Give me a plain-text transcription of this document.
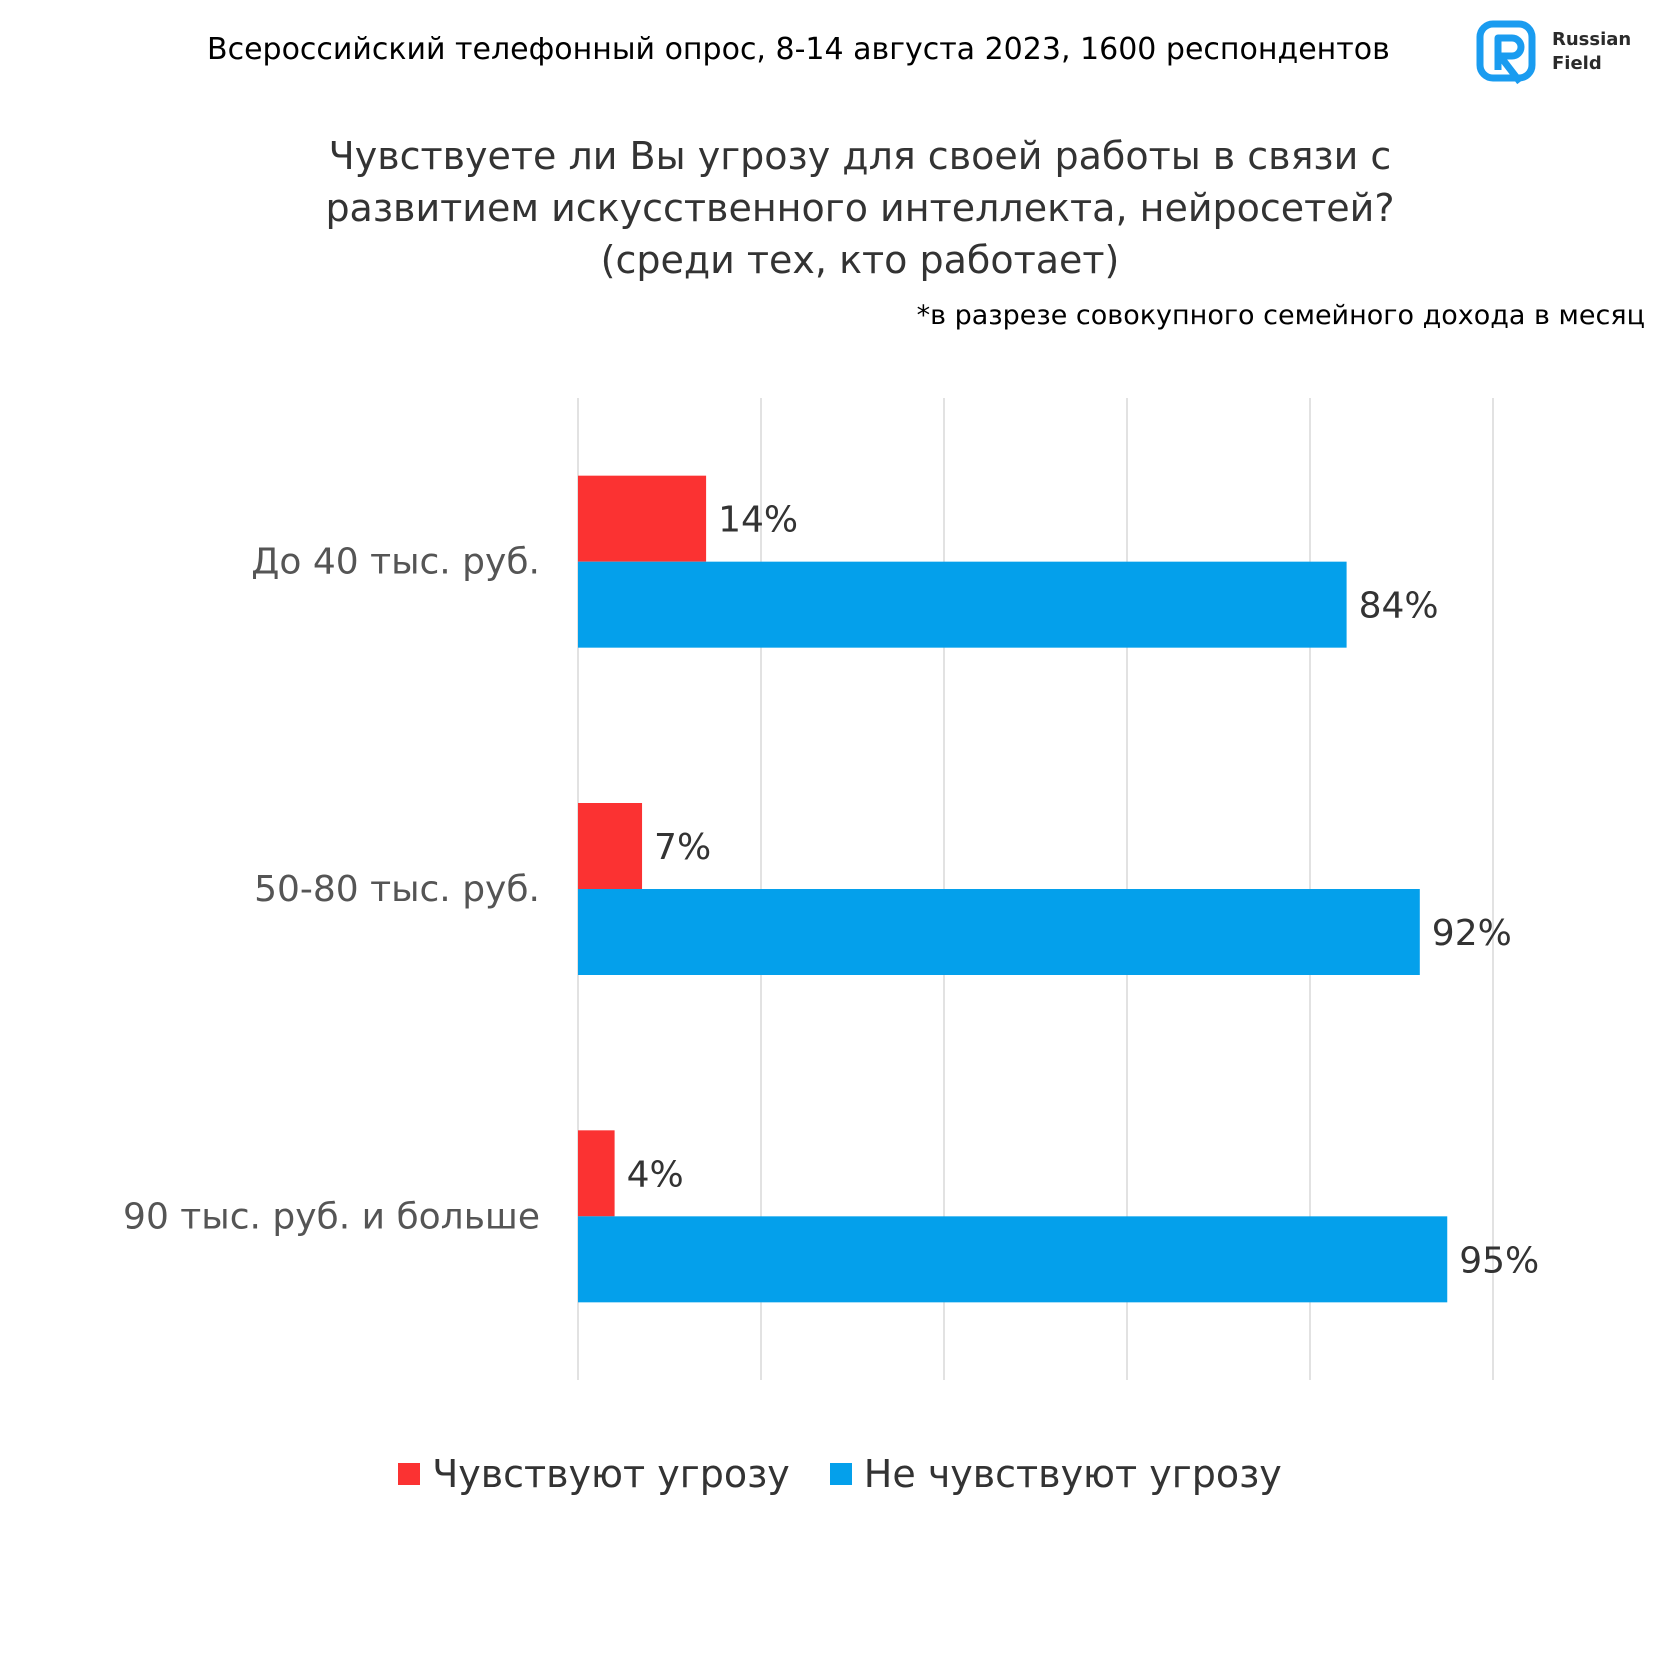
Всероссийский телефонный опрос, 8-14 августа 2023, 1600 респондентов	Russian
Field
Чувствуете ли Вы угрозу для своей работы в связи с
развитием искусственного интеллекта, нейросетей?
(среди тех, кто работает)
*в разрезе совокупного семейного дохода в месяц
До 40 тыс. руб.
14%
84%
50-80 тыс. руб.
7%
92%
90 тыс. руб. и больше
4%
95%
Чувствуют угрозу Не чувствуют угрозу
